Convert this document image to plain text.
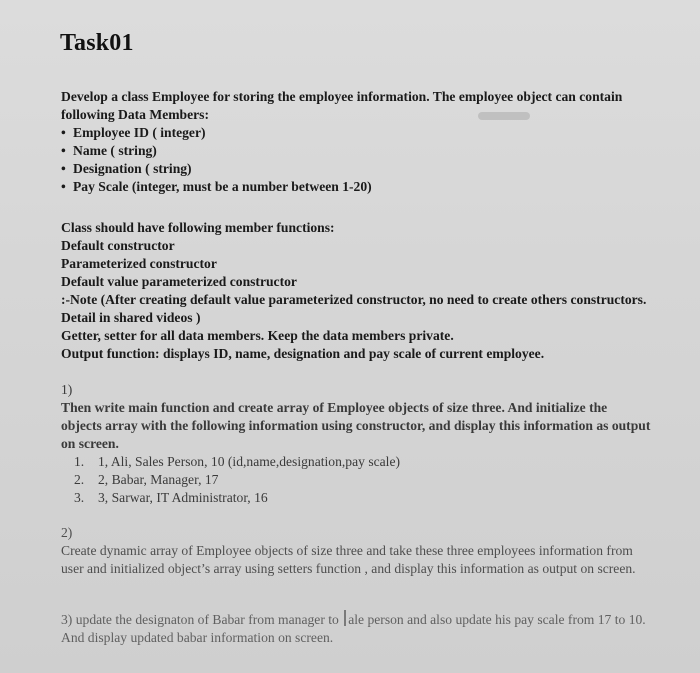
Task01
Develop a class Employee for storing the employee information. The employee object can contain following Data Members:
• Employee ID ( integer)
• Name ( string)
• Designation ( string)
• Pay Scale (integer, must be a number between 1-20)
Class should have following member functions:
Default constructor
Parameterized constructor
Default value parameterized constructor
:-Note (After creating default value parameterized constructor, no need to create others constructors. Detail in shared videos )
Getter, setter for all data members. Keep the data members private.
Output function: displays ID, name, designation and pay scale of current employee.
1)
Then write main function and create array of Employee objects of size three. And initialize the objects array with the following information using constructor, and display this information as output on screen.
1. 1, Ali, Sales Person, 10 (id,name,designation,pay scale)
2. 2, Babar, Manager, 17
3. 3, Sarwar, IT Administrator, 16
2)
Create dynamic array of Employee objects of size three and take these three employees information from user and initialized object’s array using setters function , and display this information as output on screen.
3) update the designaton of Babar from manager to ale person and also update his pay scale from 17 to 10. And display updated babar information on screen.
